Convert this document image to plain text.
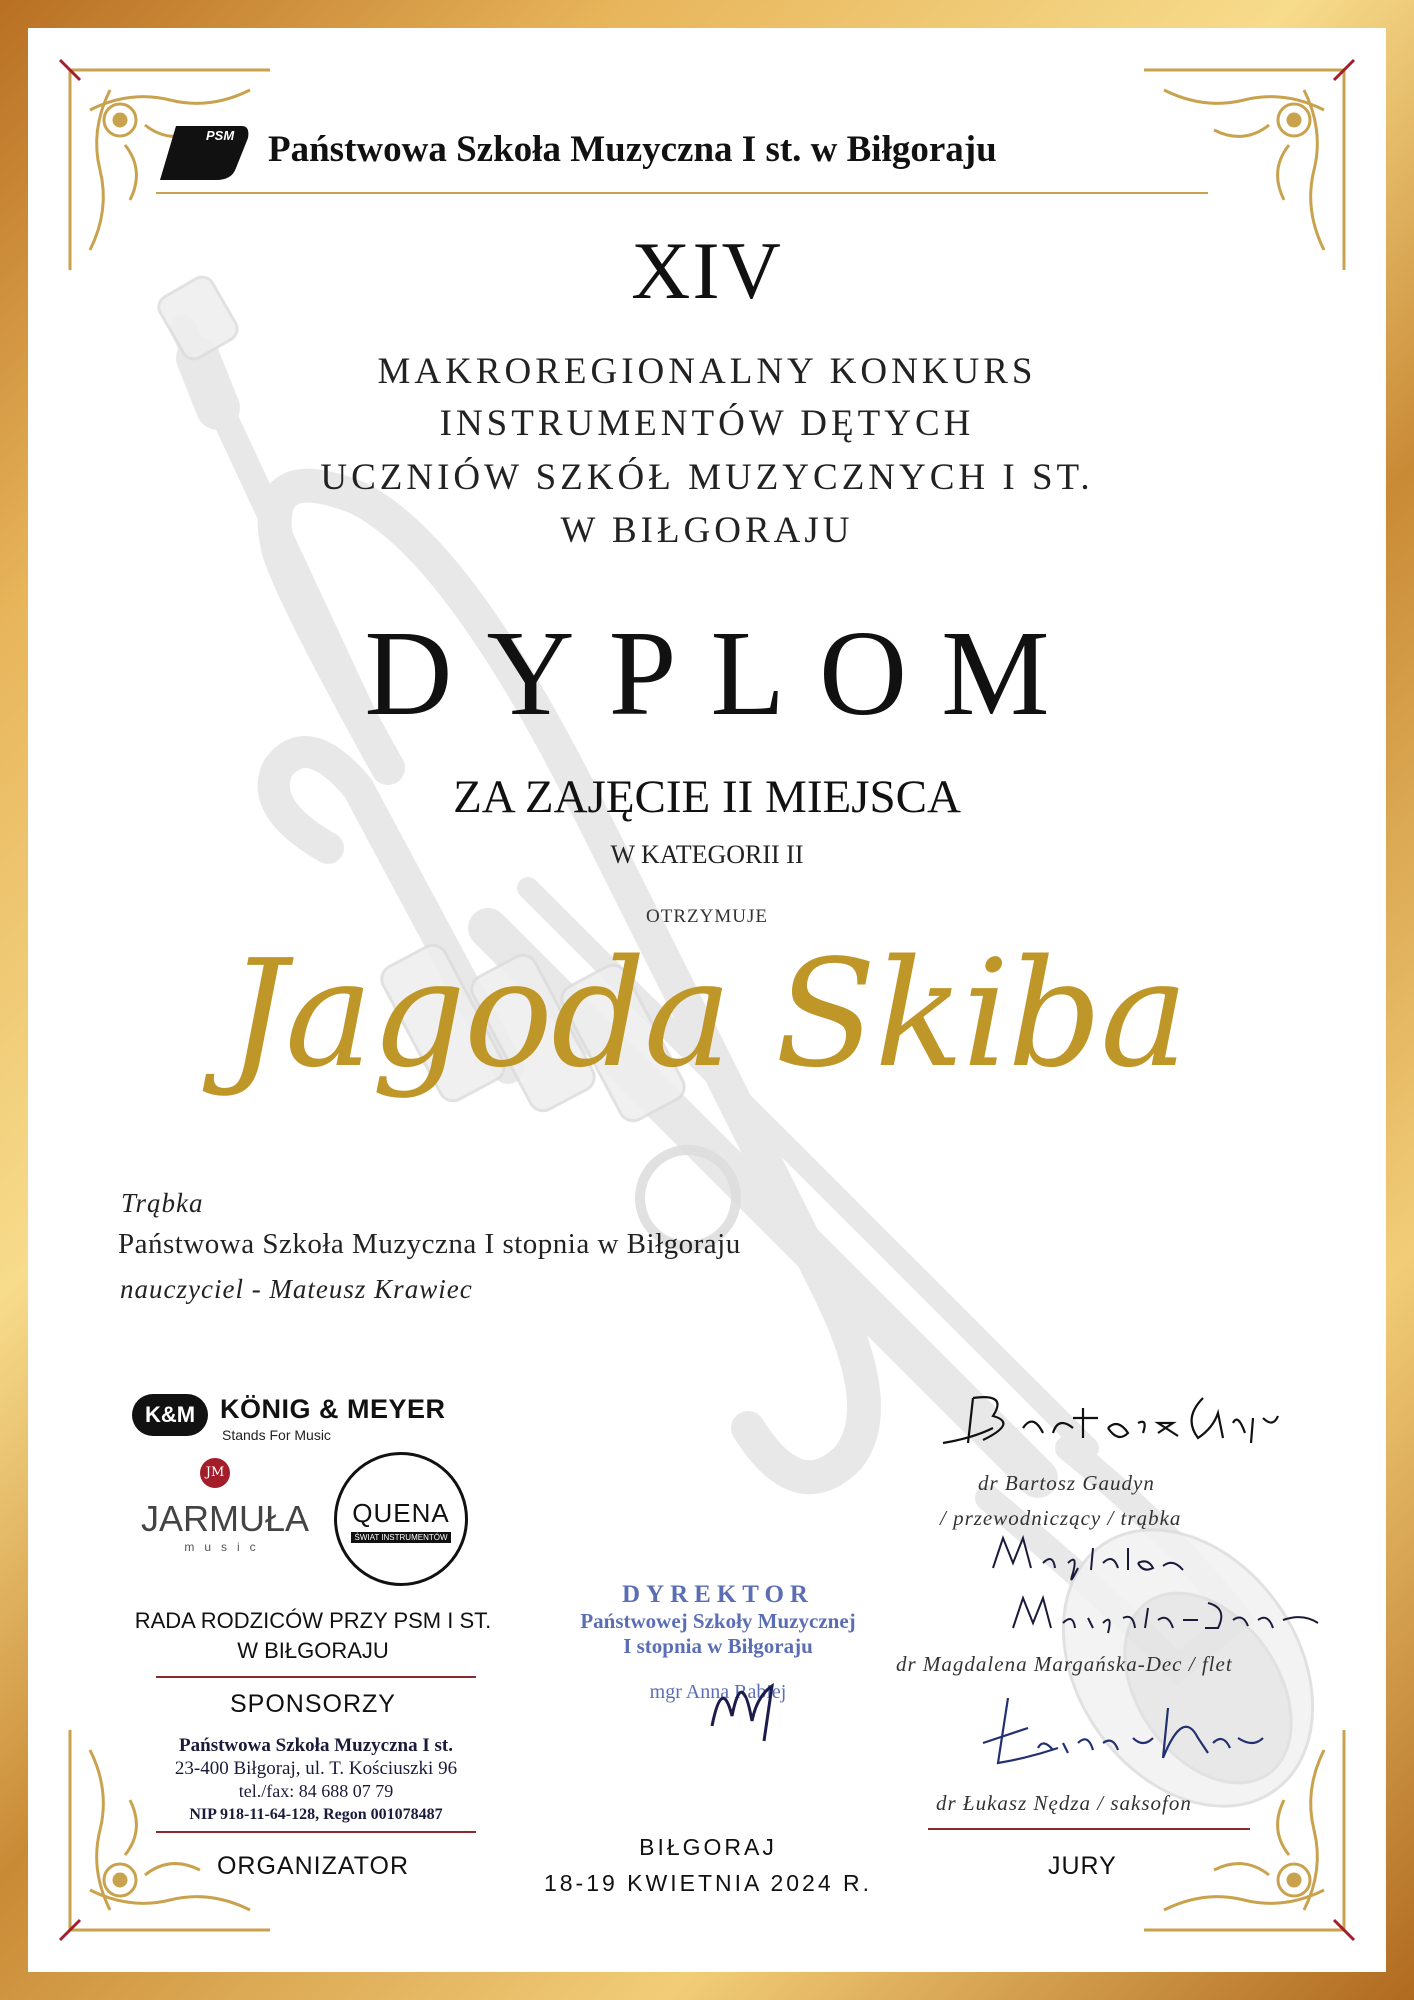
PSM Państwowa Szkoła Muzyczna I st. w Biłgoraju
XIV
MAKROREGIONALNY KONKURS
INSTRUMENTÓW DĘTYCH
UCZNIÓW SZKÓŁ MUZYCZNYCH I ST.
W BIŁGORAJU
DYPLOM
ZA ZAJĘCIE II MIEJSCA
W KATEGORII II
OTRZYMUJE
Jagoda Skiba
Trąbka
Państwowa Szkoła Muzyczna I stopnia w Biłgoraju
nauczyciel - Mateusz Krawiec
K&M KÖNIG & MEYER
Stands For Music
JM
JARMUŁA
music
QUENA
ŚWIAT INSTRUMENTÓW
RADA RODZICÓW PRZY PSM I ST. W BIŁGORAJU
SPONSORZY
Państwowa Szkoła Muzyczna I st.
23-400 Biłgoraj, ul. T. Kościuszki 96
tel./fax: 84 688 07 79
NIP 918-11-64-128, Regon 001078487
ORGANIZATOR
DYREKTOR
Państwowej Szkoły Muzycznej
I stopnia w Biłgoraju
mgr Anna Rabiej
BIŁGORAJ
18-19 KWIETNIA 2024 R.
dr Bartosz Gaudyn
/ przewodniczący / trąbka
dr Magdalena Margańska-Dec / flet
dr Łukasz Nędza / saksofon
JURY
